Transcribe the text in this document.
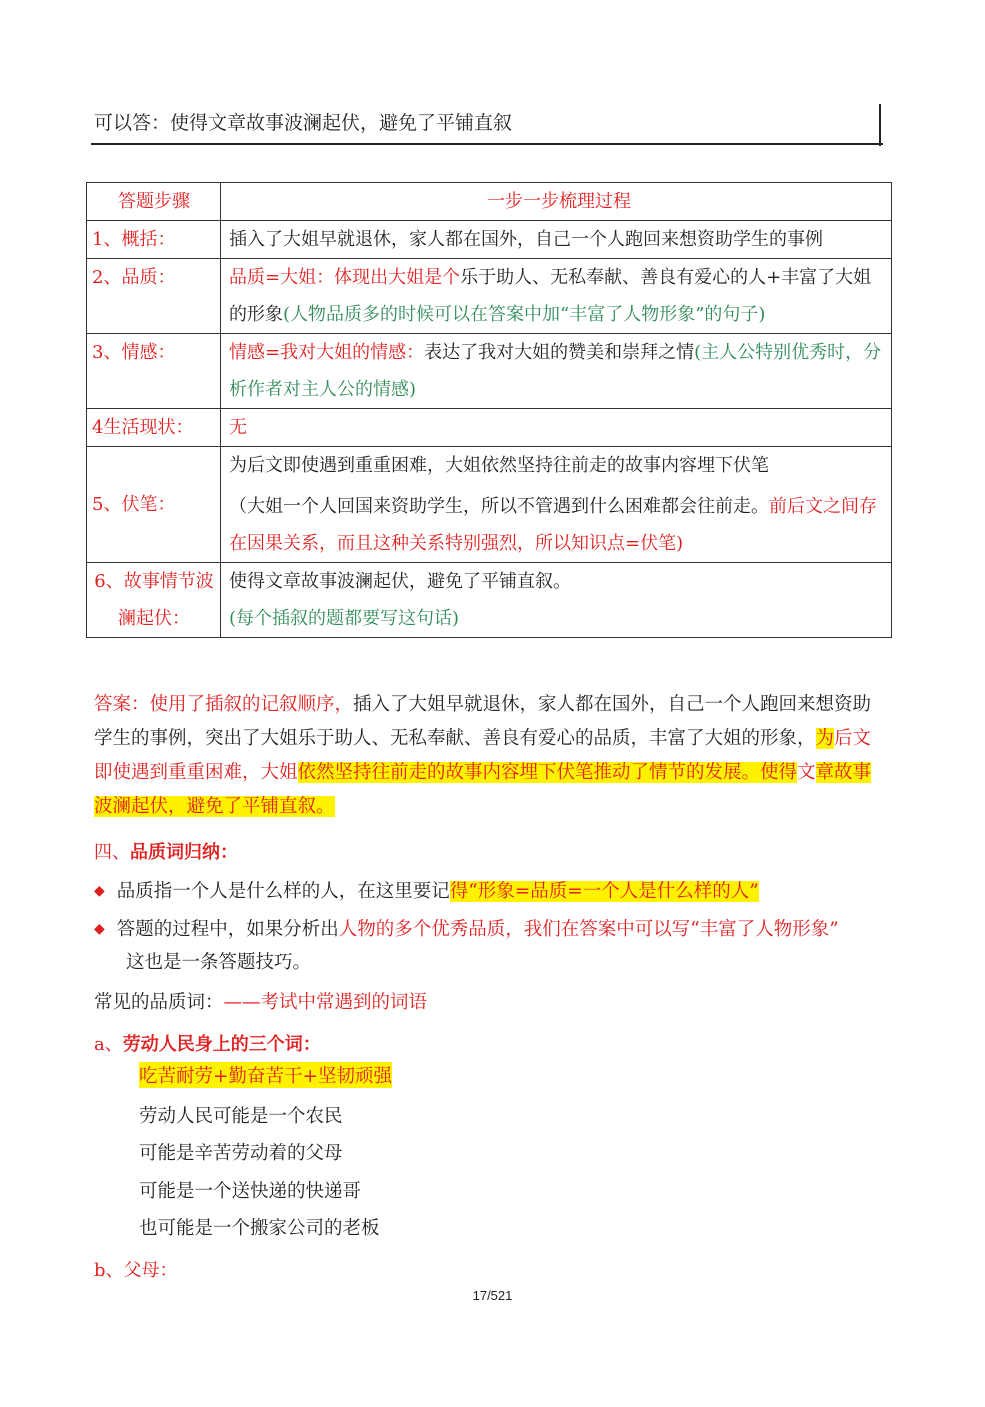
可以答：使得文章故事波澜起伏，避免了平铺直叙
答题步骤	一步一步梳理过程
1、概括：	插入了大姐早就退休，家人都在国外，自己一个人跑回来想资助学生的事例
2、品质：	品质=大姐：体现出大姐是个乐于助人、无私奉献、善良有爱心的人+丰富了大姐的形象(人物品质多的时候可以在答案中加“丰富了人物形象”的句子)
3、情感：	情感=我对大姐的情感：表达了我对大姐的赞美和崇拜之情(主人公特别优秀时，分析作者对主人公的情感)
4生活现状：	无
5、伏笔：	为后文即使遇到重重困难，大姐依然坚持往前走的故事内容埋下伏笔
（大姐一个人回国来资助学生，所以不管遇到什么困难都会往前走。前后文之间存在因果关系，而且这种关系特别强烈，所以知识点=伏笔)
6、故事情节波澜起伏：	使得文章故事波澜起伏，避免了平铺直叙。
(每个插叙的题都要写这句话)
答案：使用了插叙的记叙顺序，插入了大姐早就退休，家人都在国外，自己一个人跑回来想资助学生的事例，突出了大姐乐于助人、无私奉献、善良有爱心的品质，丰富了大姐的形象，为后文即使遇到重重困难，大姐依然坚持往前走的故事内容埋下伏笔推动了情节的发展。使得文章故事波澜起伏，避免了平铺直叙。
四、品质词归纳：
◆ 品质指一个人是什么样的人，在这里要记得“形象=品质=一个人是什么样的人”
◆ 答题的过程中，如果分析出人物的多个优秀品质，我们在答案中可以写“丰富了人物形象”
这也是一条答题技巧。
常见的品质词：——考试中常遇到的词语
a、劳动人民身上的三个词：
吃苦耐劳+勤奋苦干+坚韧顽强
劳动人民可能是一个农民
可能是辛苦劳动着的父母
可能是一个送快递的快递哥
也可能是一个搬家公司的老板
b、父母：
17/521
